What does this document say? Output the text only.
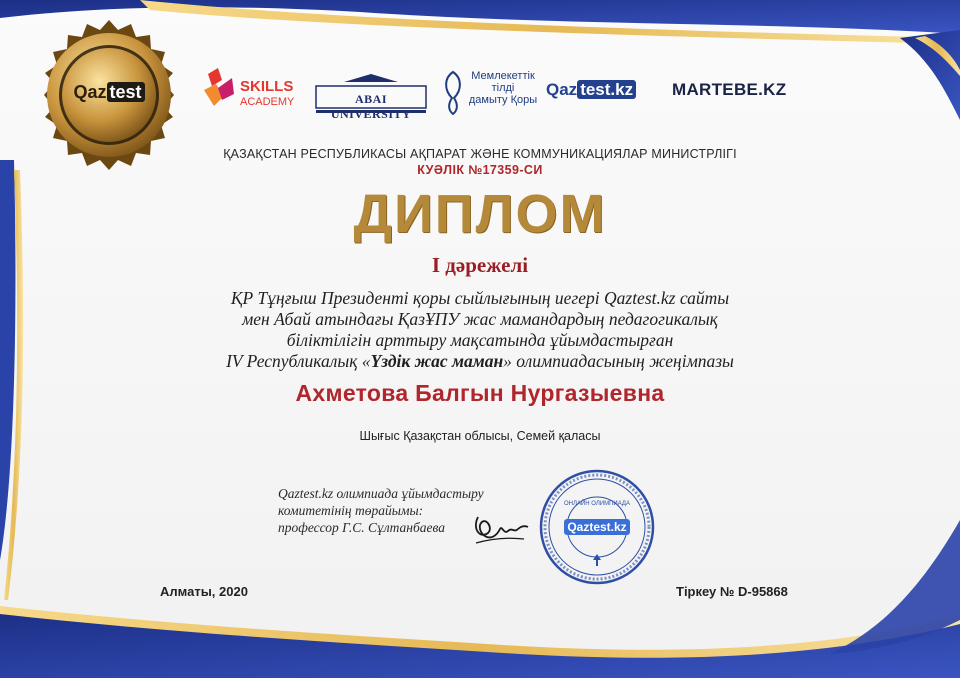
Qaz test	SKILLS
ACADEMY	ABAI UNIVERSITY
Мемлекеттік
тілді
дамыту Қоры
Qaz test.kz	MARTEBE.KZ
ҚАЗАҚСТАН РЕСПУБЛИКАСЫ АҚПАРАТ ЖӘНЕ КОММУНИКАЦИЯЛАР МИНИСТРЛІГІ
КУӘЛІК №17359-СИ
ДИПЛОМ
І дәрежелі
ҚР Тұңғыш Президенті қоры сыйлығының иегері Qaztest.kz сайты
мен Абай атындағы ҚазҰПУ жас мамандардың педагогикалық
біліктілігін арттыру мақсатында ұйымдастырған
IV Республикалық «Үздік жас маман» олимпиадасының жеңімпазы
Ахметова Балгын Нургазыевна
Шығыс Қазақстан облысы, Семей қаласы
Qaztest.kz олимпиада ұйымдастыру
комитетінің төрайымы:
профессор Г.С. Сұлтанбаева
ОНЛАЙН ОЛИМПИАДА
Qaztest.kz
Алматы, 2020	Тіркеу № D-95868
